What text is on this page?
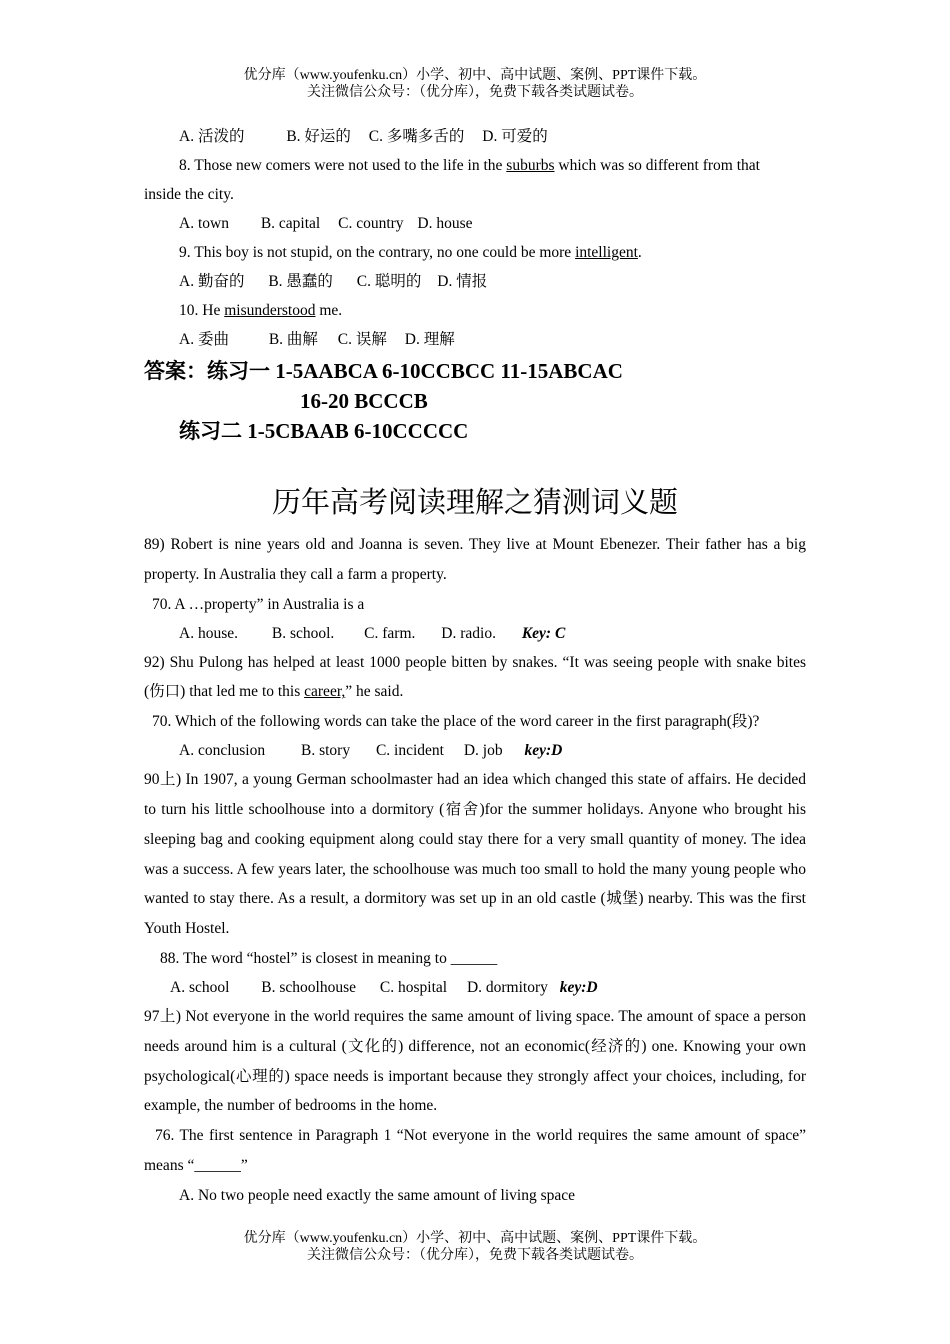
优分库（www.youfenku.cn）小学、初中、高中试题、案例、PPT课件下载。
关注微信公众号：（优分库），免费下载各类试题试卷。
A. 活泼的	B. 好运的 C. 多嘴多舌的 D. 可爱的
8. Those new comers were not used to the life in the suburbs which was so different from that
inside the city.
A. town B. capital C. country D. house
9. This boy is not stupid, on the contrary, no one could be more intelligent.
A. 勤奋的 B. 愚蠢的 C. 聪明的 D. 情报
10. He misunderstood me.
A. 委曲	B. 曲解 C. 误解 D. 理解
答案：练习一 1-5AABCA 6-10CCBCC 11-15ABCAC
16-20 BCCCB
练习二 1-5CBAAB 6-10CCCCC
历年高考阅读理解之猜测词义题
89) Robert is nine years old and Joanna is seven. They live at Mount Ebenezer. Their father has a big property. In Australia they call a farm a property.
70. A …property” in Australia is a
A. house. B. school. C. farm. D. radio. Key: C
92) Shu Pulong has helped at least 1000 people bitten by snakes. “It was seeing people with snake bites (伤口) that led me to this career,” he said.
70. Which of the following words can take the place of the word career in the first paragraph(段)?
A. conclusion B. story C. incident D. job key:D
90上) In 1907, a young German schoolmaster had an idea which changed this state of affairs. He decided to turn his little schoolhouse into a dormitory (宿舍)for the summer holidays. Anyone who brought his sleeping bag and cooking equipment along could stay there for a very small quantity of money. The idea was a success. A few years later, the schoolhouse was much too small to hold the many young people who wanted to stay there. As a result, a dormitory was set up in an old castle (城堡) nearby. This was the first Youth Hostel.
88. The word “hostel” is closest in meaning to ______
A. school B. schoolhouse C. hospital D. dormitory key:D
97上) Not everyone in the world requires the same amount of living space. The amount of space a person needs around him is a cultural (文化的) difference, not an economic(经济的) one. Knowing your own psychological(心理的) space needs is important because they strongly affect your choices, including, for example, the number of bedrooms in the home.
76. The first sentence in Paragraph 1 “Not everyone in the world requires the same amount of space” means “______”
A. No two people need exactly the same amount of living space
优分库（www.youfenku.cn）小学、初中、高中试题、案例、PPT课件下载。
关注微信公众号：（优分库），免费下载各类试题试卷。
